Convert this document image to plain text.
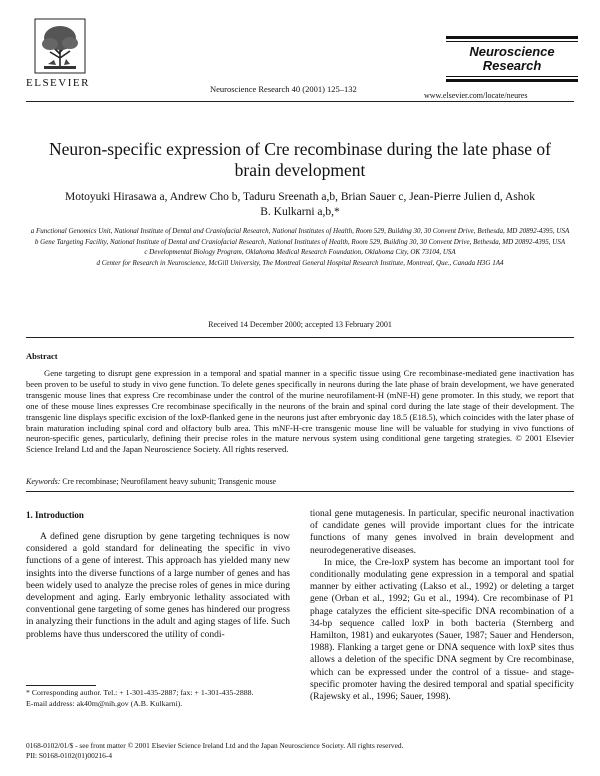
ELSEVIER	Neuroscience Research 40 (2001) 125–132
Neuroscience
Research
www.elsevier.com/locate/neures
Neuron-specific expression of Cre recombinase during the late phase of brain development
Motoyuki Hirasawa a, Andrew Cho b, Taduru Sreenath a,b, Brian Sauer c, Jean-Pierre Julien d, Ashok B. Kulkarni a,b,*
a Functional Genomics Unit, National Institute of Dental and Craniofacial Research, National Institutes of Health, Room 529, Building 30, 30 Convent Drive, Bethesda, MD 20892-4395, USA
b Gene Targeting Facility, National Institute of Dental and Craniofacial Research, National Institutes of Health, Room 529, Building 30, 30 Convent Drive, Bethesda, MD 20892-4395, USA
c Developmental Biology Program, Oklahoma Medical Research Foundation, Oklahoma City, OK 73104, USA
d Center for Research in Neuroscience, McGill University, The Montreal General Hospital Research Institute, Montreal, Que., Canada H3G 1A4
Received 14 December 2000; accepted 13 February 2001
Abstract
Gene targeting to disrupt gene expression in a temporal and spatial manner in a specific tissue using Cre recombinase-mediated gene inactivation has been proven to be useful to study in vivo gene function. To delete genes specifically in neurons during the late phase of brain development, we have generated transgenic mouse lines that express Cre recombinase under the control of the murine neurofilament-H (mNF-H) gene promoter. In this study, we report that one of these mouse lines expresses Cre recombinase specifically in the neurons of the brain and spinal cord during the late stage of their development. The transgenic line displays specific excision of the loxP-flanked gene in the neurons just after embryonic day 18.5 (E18.5), which coincides with the later phase of brain maturation including spinal cord and olfactory bulb area. This mNF-H-cre transgenic mouse line will be valuable for studying in vivo functions of neuron-specific genes, particularly, defining their precise roles in the mature nervous system using conditional gene targeting strategies. © 2001 Elsevier Science Ireland Ltd and the Japan Neuroscience Society. All rights reserved.
Keywords: Cre recombinase; Neurofilament heavy subunit; Transgenic mouse
1. Introduction

A defined gene disruption by gene targeting techniques is now considered a gold standard for delineating the specific in vivo functions of a gene of interest. This approach has yielded many new insights into the diverse functions of a large number of genes and has been widely used to analyze the precise roles of genes in mice during development and aging. Early embryonic lethality associated with conventional gene targeting of some genes has hindered our progress in analyzing their functions in the adult and aging stages of life. Such problems have thus underscored the utility of condi-

tional gene mutagenesis. In particular, specific neuronal inactivation of candidate genes will provide important clues for the intricate functions of many genes involved in brain development and neurodegenerative diseases.

In mice, the Cre-loxP system has become an important tool for conditionally modulating gene expression in a temporal and spatial manner by either activating (Lakso et al., 1992) or deleting a target gene (Orban et al., 1992; Gu et al., 1994). Cre recombinase of P1 phage catalyzes the efficient site-specific DNA recombination of a 34-bp sequence called loxP in both bacteria (Sternberg and Hamilton, 1981) and eukaryotes (Sauer, 1987; Sauer and Henderson, 1988). Flanking a target gene or DNA sequence with loxP sites thus allows a deletion of the specific DNA segment by Cre recombinase, which can be expressed under the control of a tissue- and stage-specific promoter having the desired temporal and spatial specificity (Rajewsky et al., 1996; Sauer, 1998).

* Corresponding author. Tel.: + 1-301-435-2887; fax: + 1-301-435-2888.
E-mail address: ak40m@nih.gov (A.B. Kulkarni).
0168-0102/01/$ - see front matter © 2001 Elsevier Science Ireland Ltd and the Japan Neuroscience Society. All rights reserved.
PII: S0168-0102(01)00216-4
